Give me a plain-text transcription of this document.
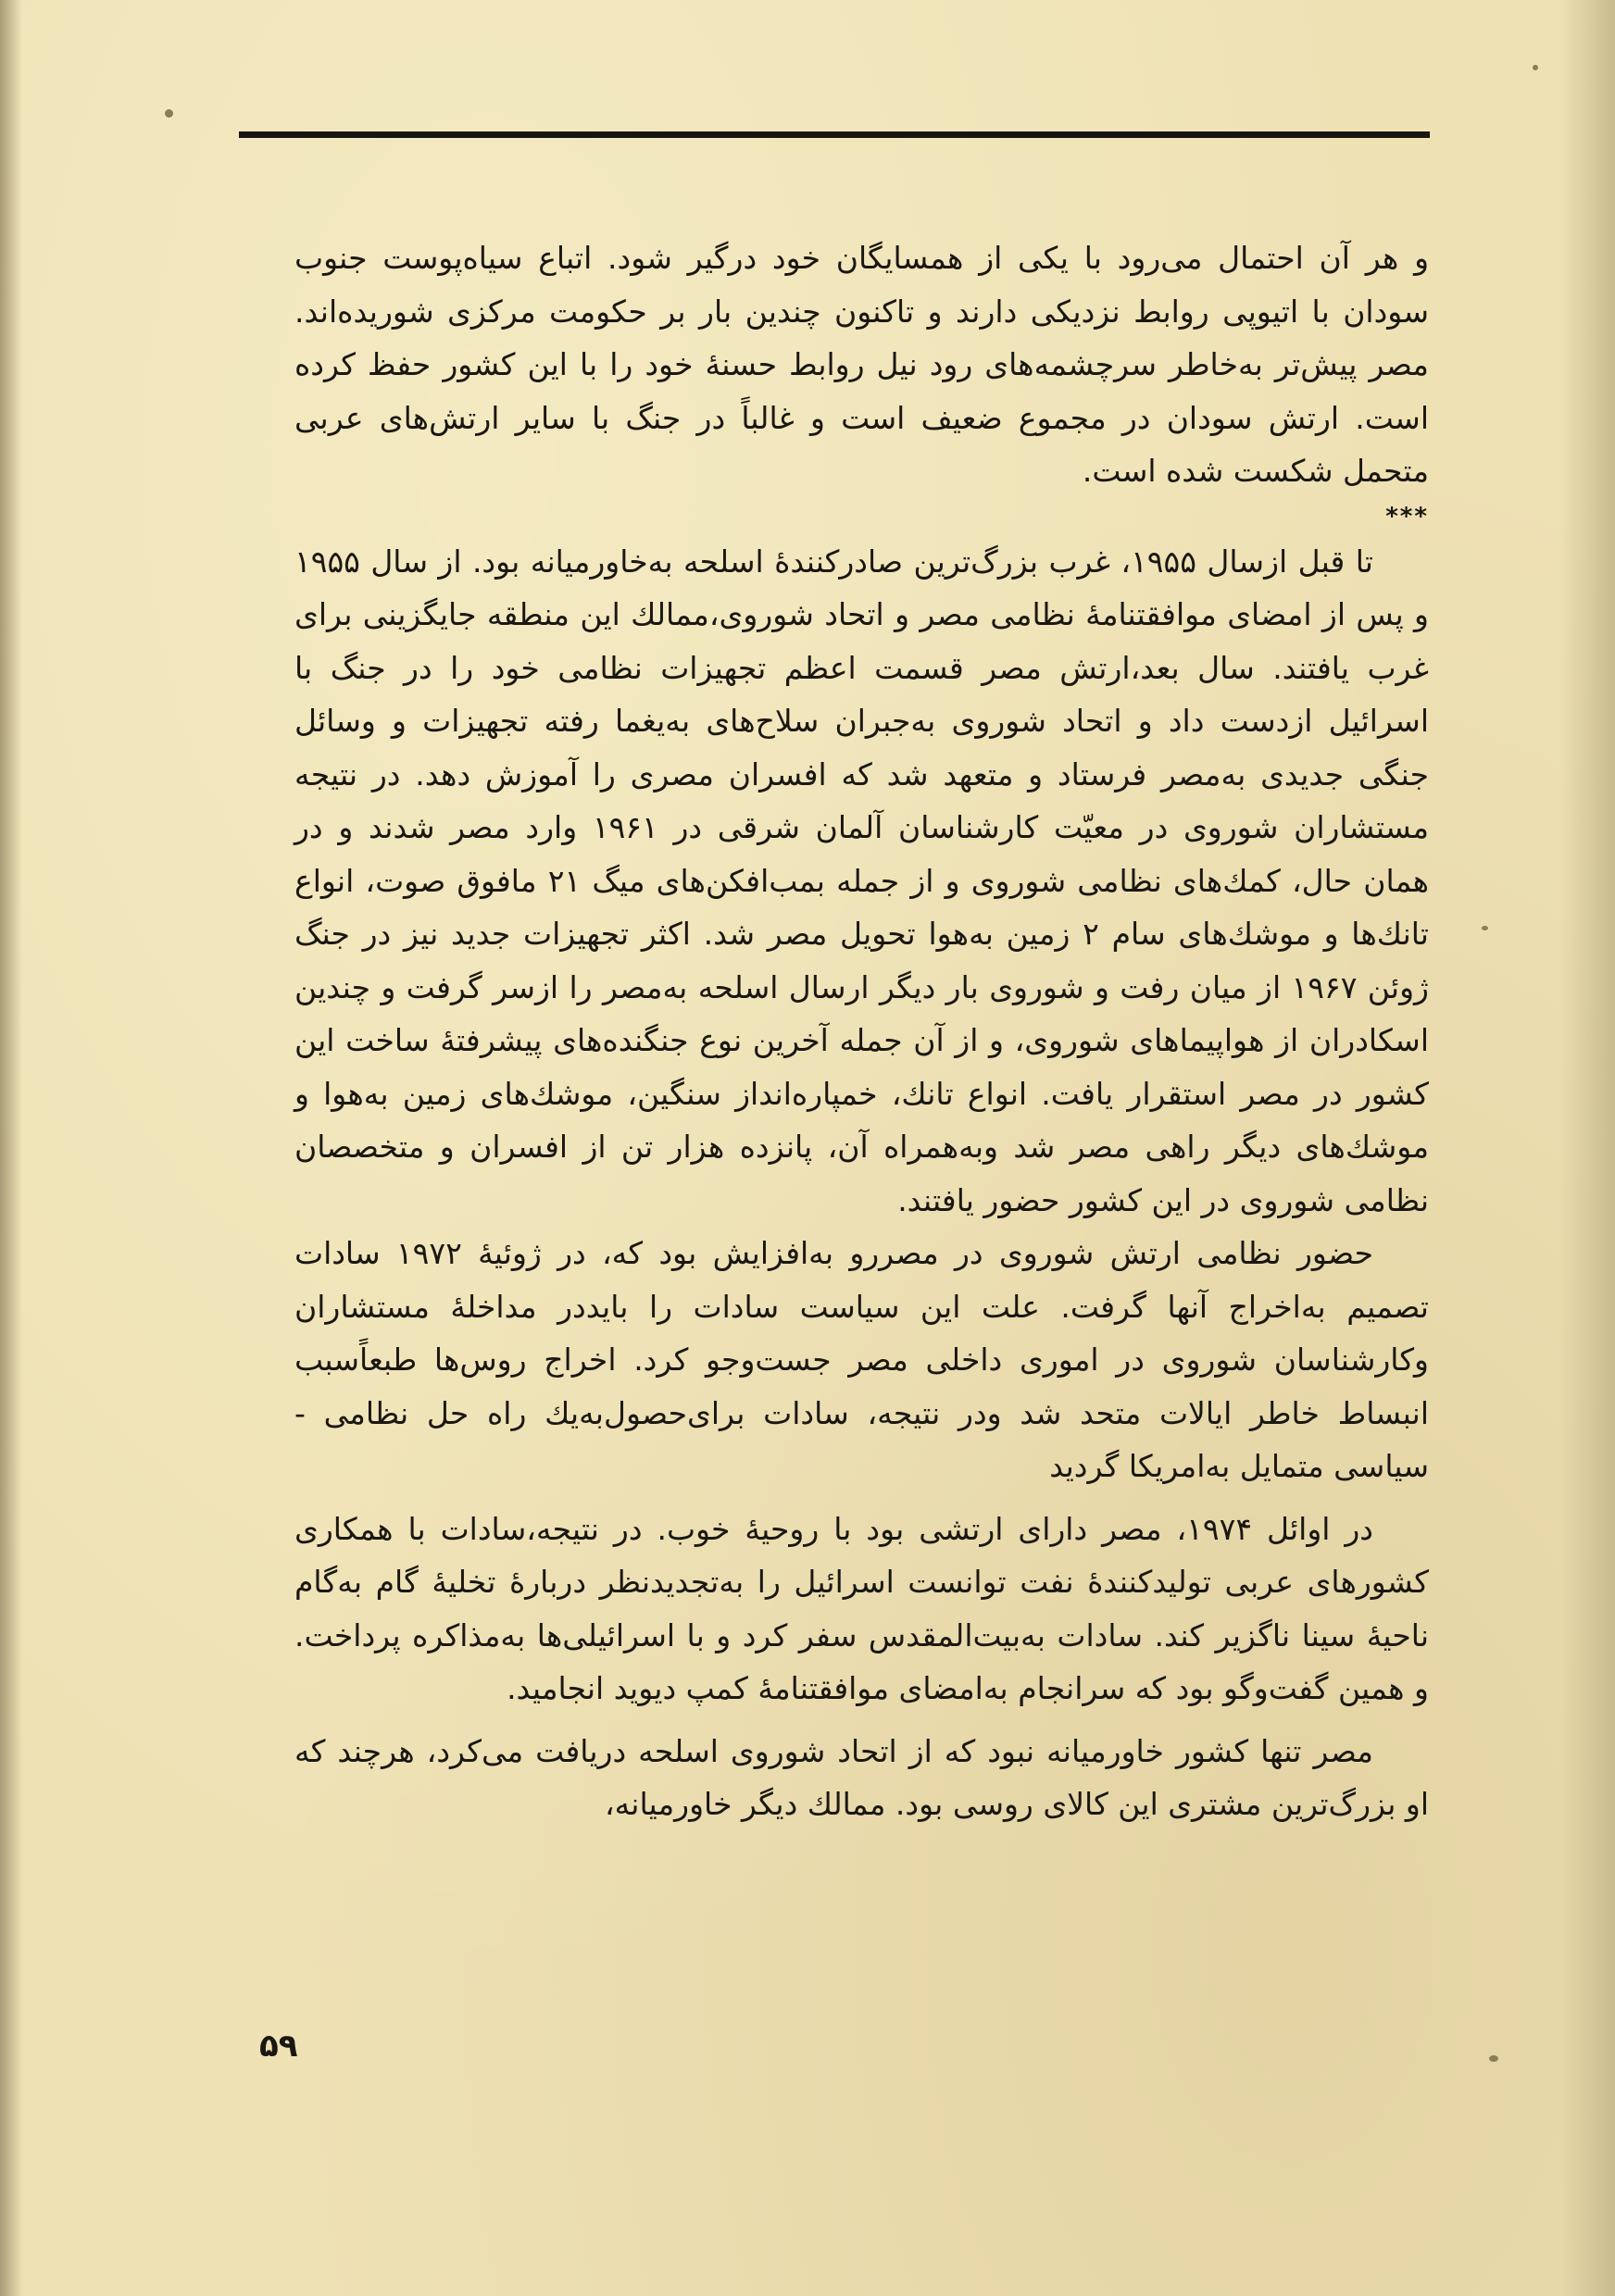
و هر آن احتمال می‌رود با یکی از همسایگان خود درگیر شود. اتباع سیاه‌پوست جنوب سودان با اتیوپی روابط نزدیکی دارند و تاکنون چندین بار بر حکومت مرکزی شوریده‌اند. مصر پیش‌تر به‌خاطر سرچشمه‌های رود نیل روابط حسنهٔ خود را با این کشور حفظ کرده است. ارتش سودان در مجموع ضعیف است و غالباً در جنگ با سایر ارتش‌های عربی متحمل شکست شده است.

***

تا قبل ازسال ۱۹۵۵، غرب بزرگ‌ترین صادرکنندهٔ اسلحه به‌خاورمیانه بود. از سال ۱۹۵۵ و پس از امضای موافقتنامهٔ نظامی مصر و اتحاد شوروی،ممالك این منطقه جایگزینی برای غرب یافتند. سال بعد،ارتش مصر قسمت اعظم تجهیزات نظامی خود را در جنگ با اسرائیل ازدست داد و اتحاد شوروی به‌جبران سلاح‌های به‌یغما رفته تجهیزات و وسائل جنگی جدیدی به‌مصر فرستاد و متعهد شد که افسران مصری را آموزش دهد. در نتیجه مستشاران شوروی در معیّت کارشناسان آلمان شرقی در ۱۹۶۱ وارد مصر شدند و در همان حال، کمك‌های نظامی شوروی و از جمله بمب‌افکن‌های میگ ۲۱ مافوق صوت، انواع تانك‌ها و موشك‌های سام ۲ زمین به‌هوا تحویل مصر شد. اکثر تجهیزات جدید نیز در جنگ ژوئن ۱۹۶۷ از میان رفت و شوروی بار دیگر ارسال اسلحه به‌مصر را ازسر گرفت و چندین اسکادران از هواپیماهای شوروی، و از آن جمله آخرین نوع جنگنده‌های پیشرفتهٔ ساخت این کشور در مصر استقرار یافت. انواع تانك، خمپاره‌انداز سنگین، موشك‌های زمین به‌هوا و موشك‌های دیگر راهی مصر شد وبه‌همراه آن، پانزده هزار تن از افسران و متخصصان نظامی شوروی در این کشور حضور یافتند.

حضور نظامی ارتش شوروی در مصررو به‌افزایش بود که، در ژوئیهٔ ۱۹۷۲ سادات تصمیم به‌اخراج آنها گرفت. علت این سیاست سادات را بایددر مداخلهٔ مستشاران وکارشناسان شوروی در اموری داخلی مصر جست‌وجو کرد. اخراج روس‌ها طبعاًسبب انبساط خاطر ایالات متحد شد ودر نتیجه، سادات برای‌حصول‌به‌یك راه حل نظامی - سیاسی متمایل به‌امریکا گردید

در اوائل ۱۹۷۴، مصر دارای ارتشی بود با روحیهٔ خوب. در نتیجه،سادات با همکاری کشورهای عربی تولیدکنندهٔ نفت توانست اسرائیل را به‌تجدیدنظر دربارهٔ تخلیهٔ گام به‌گام ناحیهٔ سینا ناگزیر کند. سادات به‌بیت‌المقدس سفر کرد و با اسرائیلی‌ها به‌مذاکره پرداخت. و همین گفت‌وگو بود که سرانجام به‌امضای موافقتنامهٔ کمپ دیوید انجامید.

مصر تنها کشور خاورمیانه نبود که از اتحاد شوروی اسلحه دریافت می‌کرد، هرچند که او بزرگ‌ترین مشتری این کالای روسی بود. ممالك دیگر خاورمیانه،

۵۹
